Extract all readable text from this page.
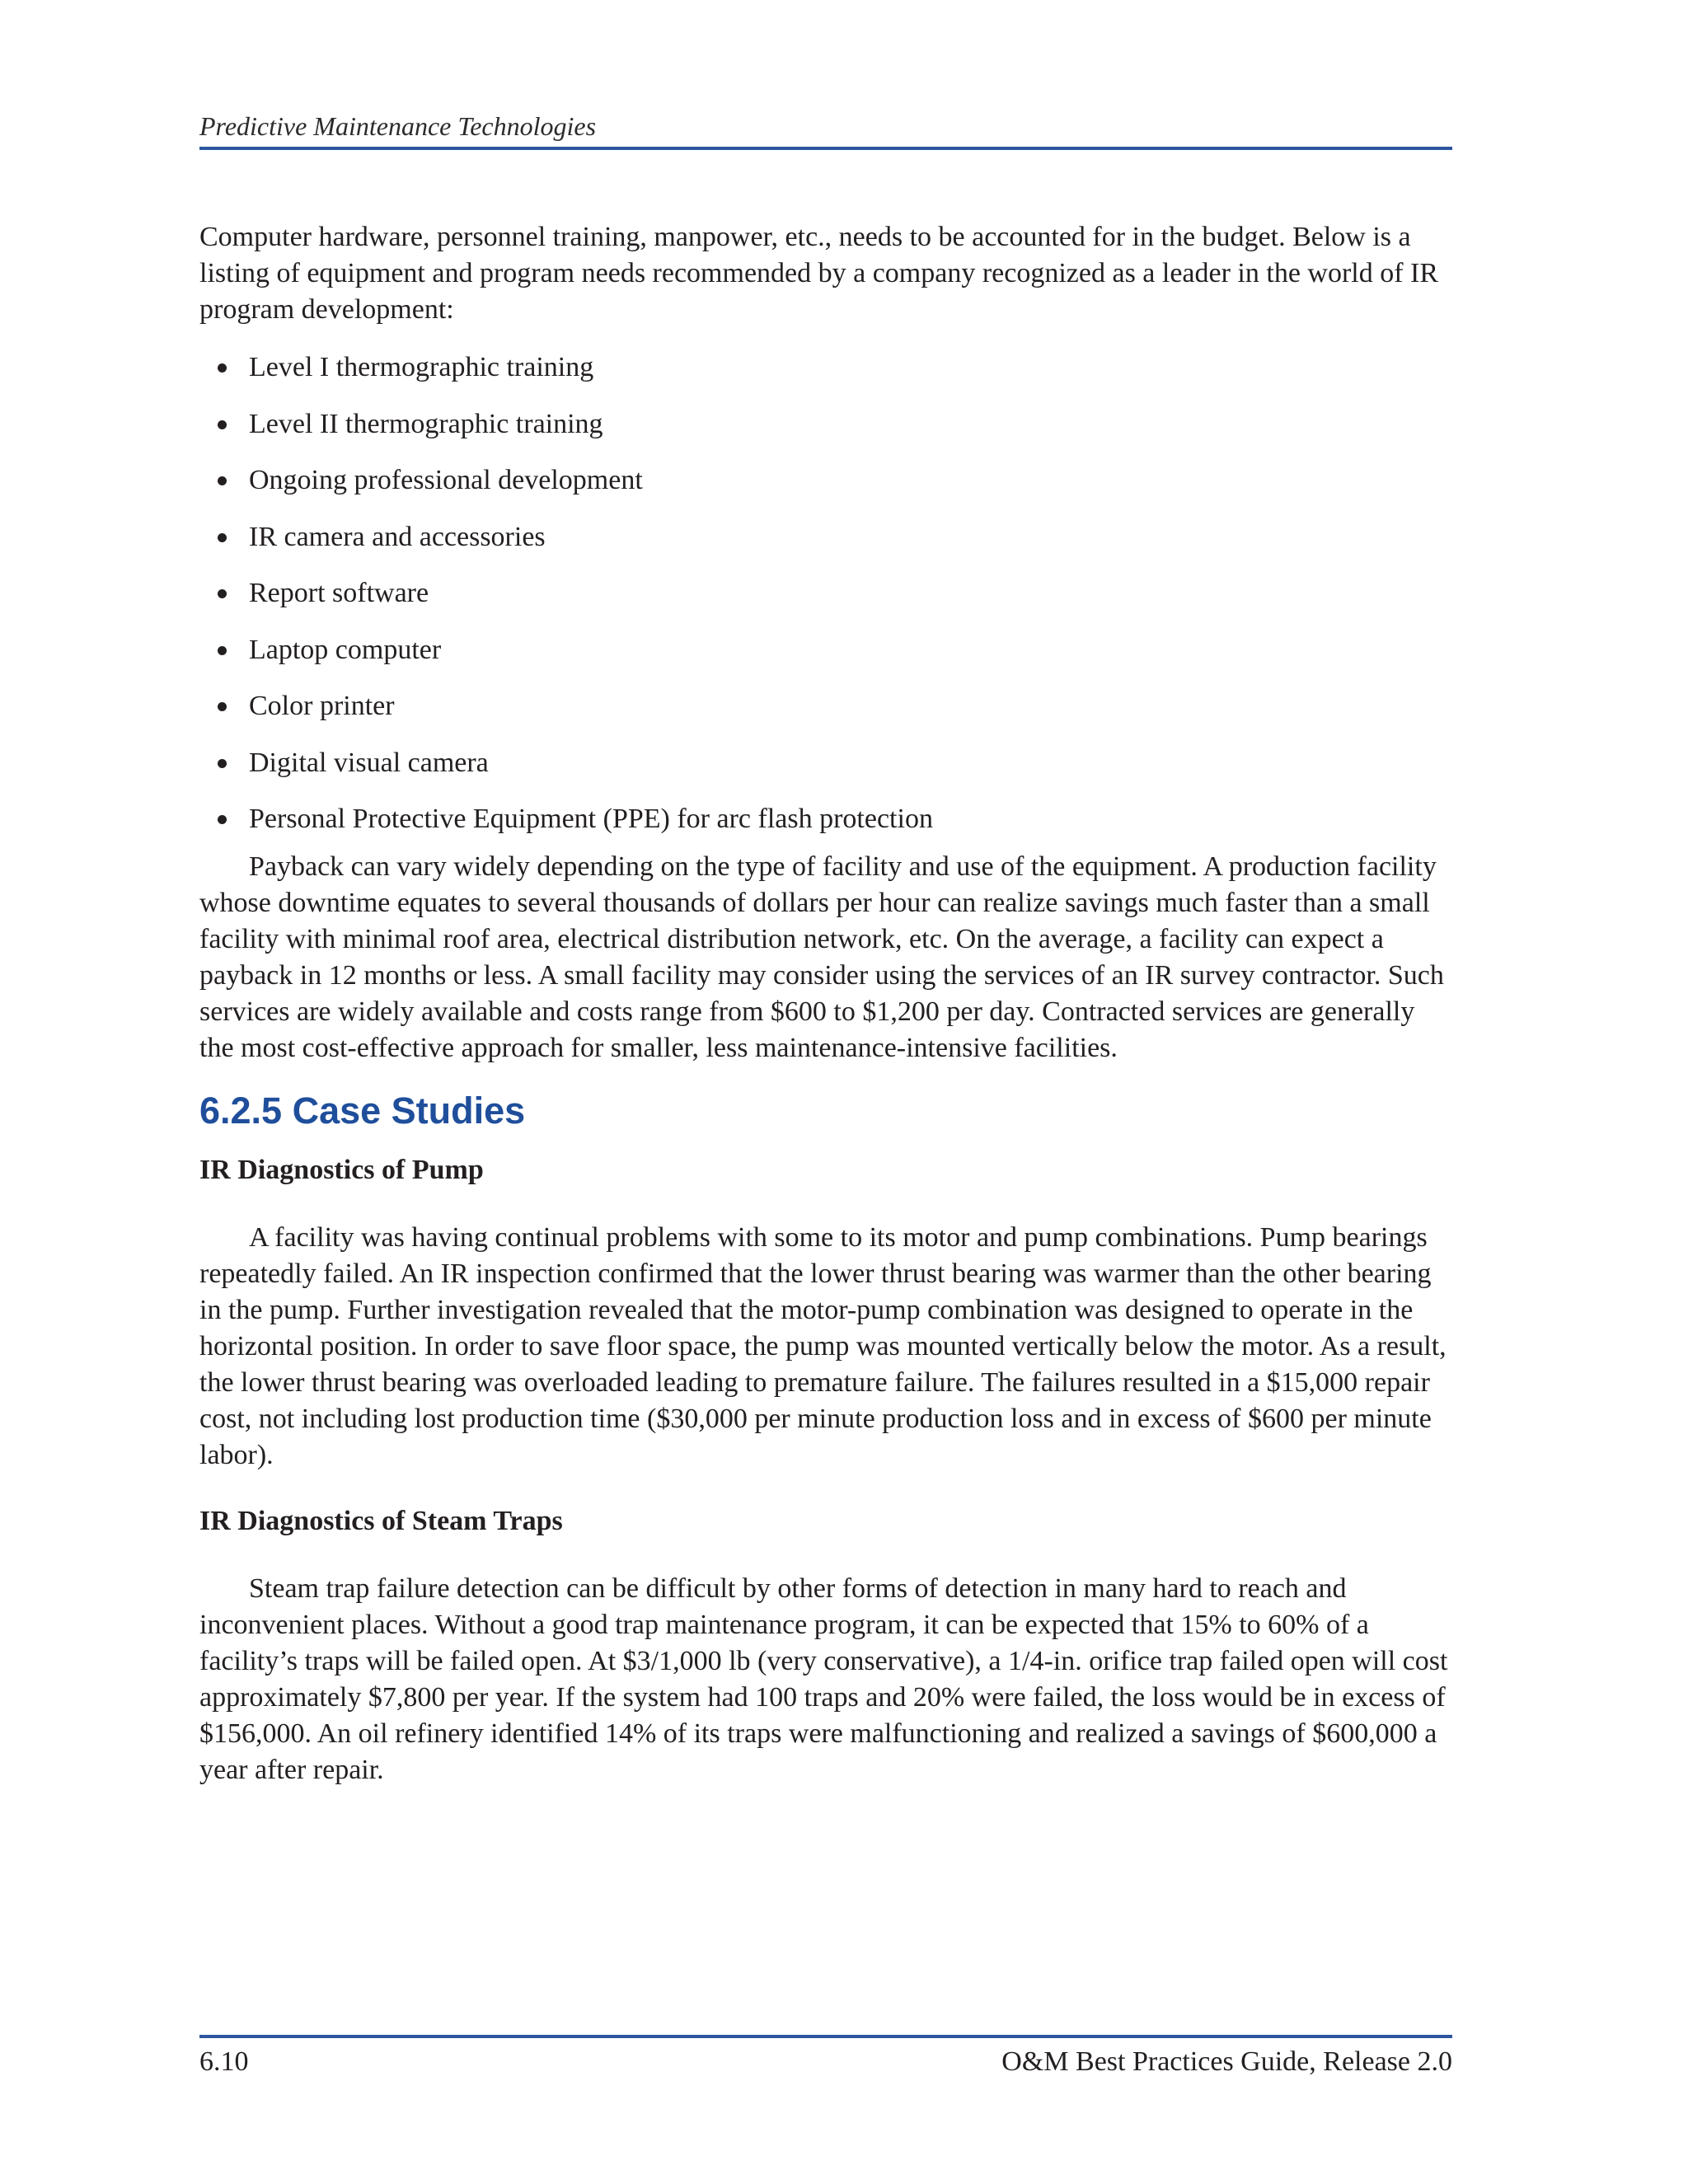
Predictive Maintenance Technologies

Computer hardware, personnel training, manpower, etc., needs to be accounted for in the budget. Below is a listing of equipment and program needs recommended by a company recognized as a leader in the world of IR program development:

Level I thermographic training
Level II thermographic training
Ongoing professional development
IR camera and accessories
Report software
Laptop computer
Color printer
Digital visual camera
Personal Protective Equipment (PPE) for arc flash protection

Payback can vary widely depending on the type of facility and use of the equipment. A production facility whose downtime equates to several thousands of dollars per hour can realize savings much faster than a small facility with minimal roof area, electrical distribution network, etc. On the average, a facility can expect a payback in 12 months or less. A small facility may consider using the services of an IR survey contractor. Such services are widely available and costs range from $600 to $1,200 per day. Contracted services are generally the most cost-effective approach for smaller, less maintenance-intensive facilities.

6.2.5 Case Studies
IR Diagnostics of Pump

A facility was having continual problems with some to its motor and pump combinations. Pump bearings repeatedly failed. An IR inspection confirmed that the lower thrust bearing was warmer than the other bearing in the pump. Further investigation revealed that the motor-pump combination was designed to operate in the horizontal position. In order to save floor space, the pump was mounted vertically below the motor. As a result, the lower thrust bearing was overloaded leading to premature failure. The failures resulted in a $15,000 repair cost, not including lost production time ($30,000 per minute production loss and in excess of $600 per minute labor).

IR Diagnostics of Steam Traps

Steam trap failure detection can be difficult by other forms of detection in many hard to reach and inconvenient places. Without a good trap maintenance program, it can be expected that 15% to 60% of a facility’s traps will be failed open. At $3/1,000 lb (very conservative), a 1/4-in. orifice trap failed open will cost approximately $7,800 per year. If the system had 100 traps and 20% were failed, the loss would be in excess of $156,000. An oil refinery identified 14% of its traps were malfunctioning and realized a savings of $600,000 a year after repair.

6.10	O&M Best Practices Guide, Release 2.0
